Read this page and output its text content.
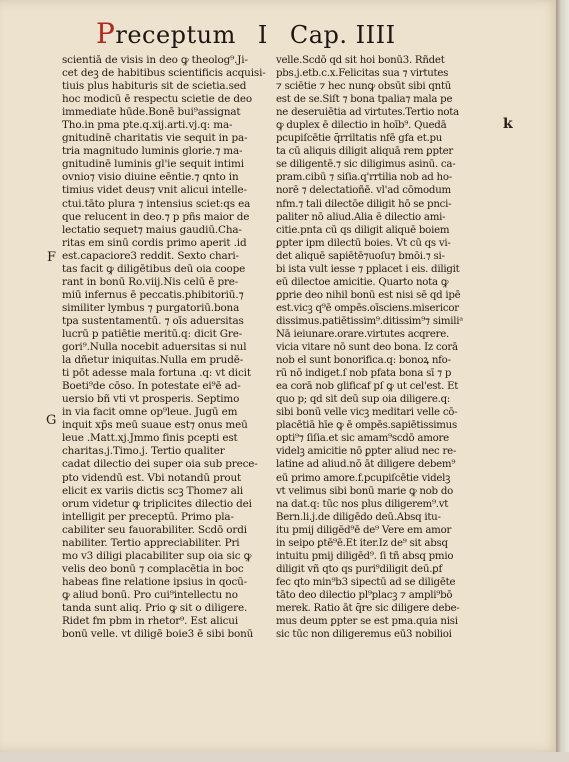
Preceptum I Cap. IIII
scientiā de visis in deo ꝙ theolog⁹.Ji-
cet deꝫ de habitibus scientificis acquisi-
tiuis plus habituris sit de scietia.sed
hoc modicū ē respectu scietie de deo
immediate hūde.Bonē bui⁹assignat
Tho.in pma pte.q.xij.arti.vj.q: ma-
gnitudinē charitatis vie sequit in pa-
tria magnitudo luminis glorie.⁊ ma-
gnitudinē luminis gl'ie sequit intimi
ovnio⁊ visio diuine eēntie.⁊ qnto in
timius videt deus⁊ vnit alicui intelle-
ctui.tāto plura ⁊ intensius sciet:qs ea
que relucent in deo.⁊ p pñs maior de
lectatio sequet⁊ maius gaudiū.Cha-
ritas em sinū cordis primo aperit .id
est.capaciore3 reddit. Sexto chari-
tas facit ꝙ diligētibus deū oia coope
rant in bonū Ro.viij.Nis celū ē pre-
miū infernus ē peccatis.phibitoriū.⁊
similiter lymbus ⁊ purgatoriū.bona
tpa sustentamentū. ⁊ oīs aduersitas
lucrū p patiētie meritū.q: dicit Gre-
gori⁹.Nulla nocebit aduersitas si nul
la dñetur iniquitas.Nulla em prudē-
ti pōt adesse mala fortuna .q: vt dicit
Boeti⁹de cōso. In potestate ei⁹ē ad-
uersio bñ vti vt prosperis. Septimo
in via facit omne op⁹leue. Jugū em
inquit xp̄s meū suaue est⁊ onus meū
leue .Matt.xj.Jmmo finis pcepti est
charitas.j.Timo.j. Tertio qualiter
cadat dilectio dei super oia sub prece-
pto videndū est. Vbi notandū prout
elicit ex variis dictis scꝫ Thome⁊ ali
orum videtur ꝙ triplicites dilectio dei
intelligit per preceptū. Primo pla-
cabiliter seu fauorabiliter. Scdō ordi
nabiliter. Tertio appreciabiliter. Pri
mo v3 diligi placabiliter sup oia sic ꝙ
velis deo bonū ⁊ complacētia in boc
habeas fine relatione ipsius in qocū-
ꝙ aliud bonū. Pro cui⁹intellectu no
tanda sunt aliq. Prio ꝙ sit o diligere.
Ridet fm pbm in rhetor⁹. Est alicui
bonū velle. vt diligē boie3 ē sibi bonū
velle.Scdō qd sit hoi bonū3. Rñdet
pbs.j.etb.c.x.Felicitas sua ⁊ virtutes
⁊ sciētie ⁊ hec nunꝙ obsūt sibi qntū
est de se.Siſt ⁊ bona tpalia⁊ mala pe
ne deseruiētia ad virtutes.Tertio nota
ꝙ duplex ē dilectio in hoīb⁹. Quedā
pcupiſcētie q̄rriltatis nfē gfa et.pu
ta cū aliquis diligit aliquā rem ꝑpter
se diligentē.⁊ sic diligimus asinū. ca-
pram.cibū ⁊ siſia.q'rrtilia nob ad ho-
norē ⁊ delectatioñē. vl'ad cōmodum
nfm.⁊ tali dilectōe diligit hō se pnci-
paliter nō aliud.Alia ē dilectio ami-
citie.pnta cū qs diligit aliquē boiem
ꝑpter ipm dilectū boies. Vt cū qs vi-
det aliquē sapiētē⁊uoſu⁊ bmōi.⁊ si-
bi ista vult iesse ⁊ pplacet i eis. diligit
eū dilectoe amicitie. Quarto nota ꝙ
ꝑprie deo nihil bonū est nisi sē qd ipē
est.vicꝫ q⁹ē ompēs.oīsciens.misericor
dissimus.patiētissim⁹.ditissim⁹⁊ similiᵃ
Nā ieiunare.orare.virtutes acqrere.
vicia vitare nō sunt deo bona. Iz corā
nob el sunt bonorifica.q: bonoꝝ nfo-
rū nō indiget.ſ nob pfata bona sī ⁊ p
ea corā nob glificaf pſ ꝙ ut cel'est. Et
quo p; qd sit deū sup oia diligere.q:
sibi bonū velle vicꝫ meditari velle cō-
placētiā hīe ꝙ ē ompēs.sapiētissimus
opti⁹⁊ ſiſia.et sic amam⁹scdō amore
videlꝫ amicitie nō ꝑpter aliud nec re-
latine ad aliud.nō āt diligere debem⁹
eū primo amore.f.pcupiſcētie videlꝫ
vt velimus sibi bonū marie ꝙ nob do
na dat.q: tūc nos plus diligerem⁹.vt
Bern.li.j.de diligēdo deū.Absq itu-
itu pmij diligēd⁹ē de⁹ Vere em amor
in seipo ꝑtē⁹ē.Et iter.Iz de⁹ sit absq
intuitu pmij diligēd⁹. ſi tñ absq pmio
diligit vñ qto qs puri⁹diligit deū.ꝑf
fec qto min⁹b3 sipectū ad se diligēte
tāto deo dilectio pl⁹placꝫ ⁊ ampli⁹bō
merek. Ratio āt q̄re sic diligere debe-
mus deum ꝑpter se est pma.quia nisi
sic tūc non diligeremus eū3 nobilioi
F
G
k
